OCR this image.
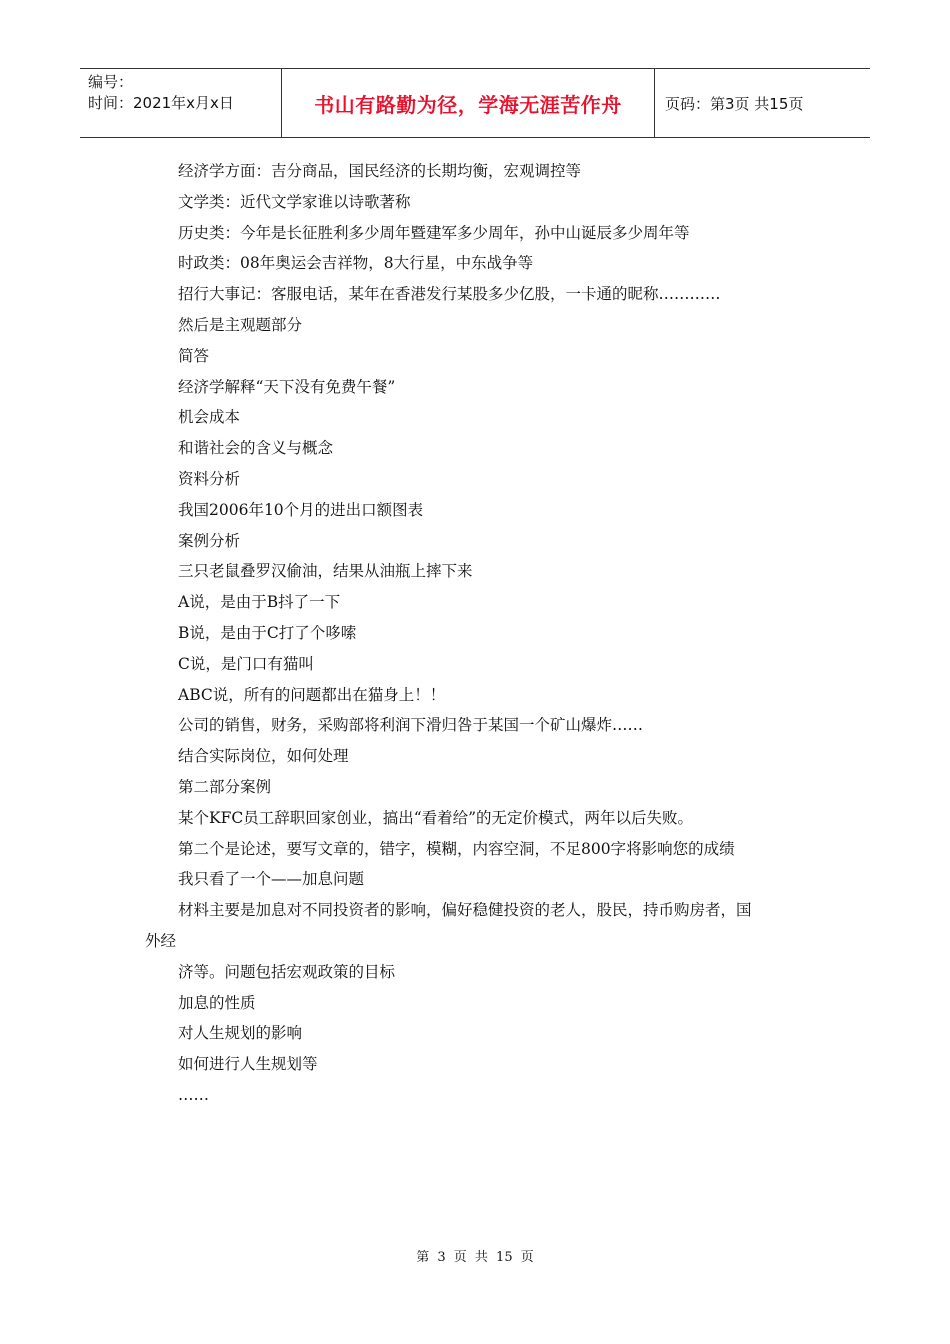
编号：
时间：2021年x月x日	书山有路勤为径，学海无涯苦作舟	页码：第3页 共15页
经济学方面：吉分商品，国民经济的长期均衡，宏观调控等
文学类：近代文学家谁以诗歌著称
历史类：今年是长征胜利多少周年暨建军多少周年，孙中山诞辰多少周年等
时政类：08年奥运会吉祥物，8大行星，中东战争等
招行大事记：客服电话，某年在香港发行某股多少亿股，一卡通的昵称…………
然后是主观题部分
简答
经济学解释“天下没有免费午餐”
机会成本
和谐社会的含义与概念
资料分析
我国2006年10个月的进出口额图表
案例分析
三只老鼠叠罗汉偷油，结果从油瓶上摔下来
A说，是由于B抖了一下
B说，是由于C打了个哆嗦
C说，是门口有猫叫
ABC说，所有的问题都出在猫身上！！
公司的销售，财务，采购部将利润下滑归咎于某国一个矿山爆炸……
结合实际岗位，如何处理
第二部分案例
某个KFC员工辞职回家创业，搞出“看着给”的无定价模式，两年以后失败。
第二个是论述，要写文章的，错字，模糊，内容空洞，不足800字将影响您的成绩
我只看了一个——加息问题
材料主要是加息对不同投资者的影响，偏好稳健投资的老人，股民，持币购房者，国
外经
济等。问题包括宏观政策的目标
加息的性质
对人生规划的影响
如何进行人生规划等
……
第 3 页 共 15 页
